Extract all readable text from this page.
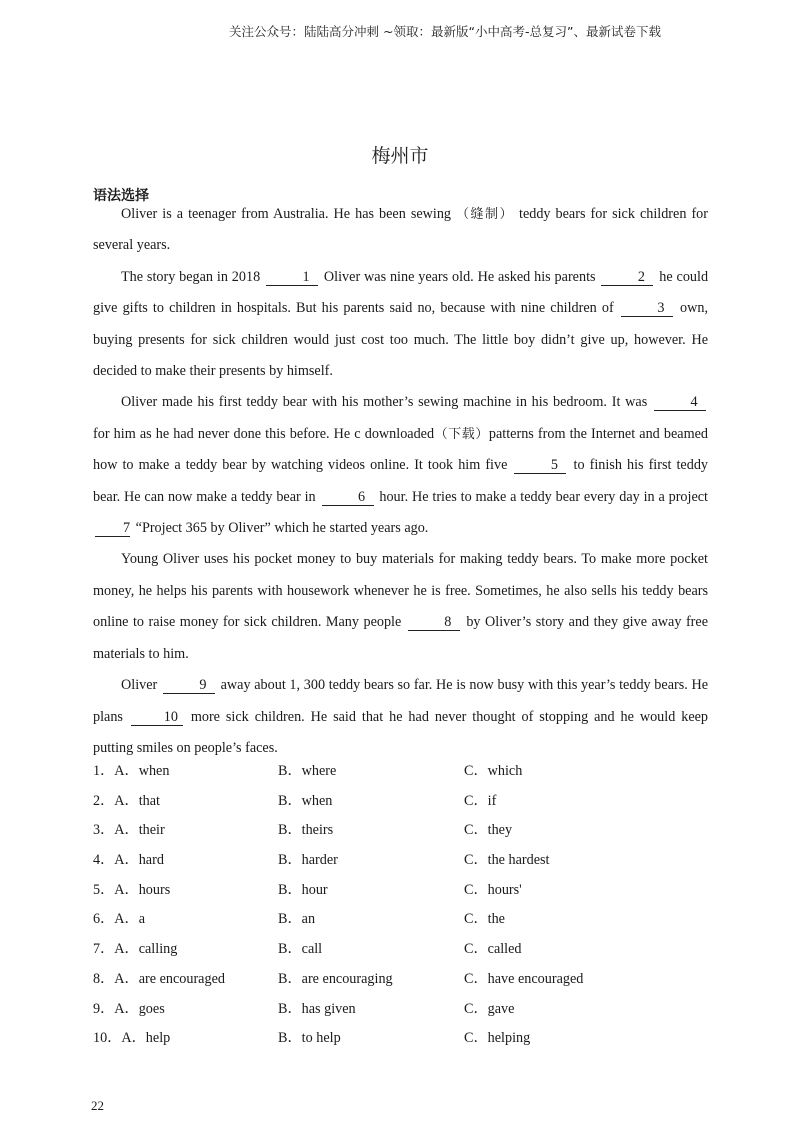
关注公众号：陆陆高分冲刺 ~领取：最新版“小中高考-总复习”、最新试卷下载
梅州市
语法选择

Oliver is a teenager from Australia. He has been sewing （缝制） teddy bears for sick children for several years.

The story began in 2018	1 Oliver was nine years old. He asked his parents	2 he could give gifts to children in hospitals. But his parents said no, because with nine children of	3 own, buying presents for sick children would just cost too much. The little boy didn’t give up, however. He decided to make their presents by himself.

Oliver made his first teddy bear with his mother’s sewing machine in his bedroom. It was	4 for him as he had never done this before. He c downloaded（下载）patterns from the Internet and beamed how to make a teddy bear by watching videos online. It took him five	5 to finish his first teddy bear. He can now make a teddy bear in	6 hour. He tries to make a teddy bear every day in a project 7 “Project 365 by Oliver” which he started years ago.

Young Oliver uses his pocket money to buy materials for making teddy bears. To make more pocket money, he helps his parents with housework whenever he is free. Sometimes, he also sells his teddy bears online to raise money for sick children. Many people	8 by Oliver’s story and they give away free materials to him.

Oliver	9 away about 1, 300 teddy bears so far. He is now busy with this year’s teddy bears. He plans	10 more sick children. He said that he had never thought of stopping and he would keep putting smiles on people’s faces.

1．A．when	B．where	C．which
2．A．that	B．when	C．if
3．A．their	B．theirs	C．they
4．A．hard	B．harder	C．the hardest
5．A．hours	B．hour	C．hours'
6．A．a	B．an	C．the
7．A．calling	B．call	C．called
8．A．are encouraged	B．are encouraging	C．have encouraged
9．A．goes	B．has given	C．gave
10．A．help	B．to help	C．helping
22
